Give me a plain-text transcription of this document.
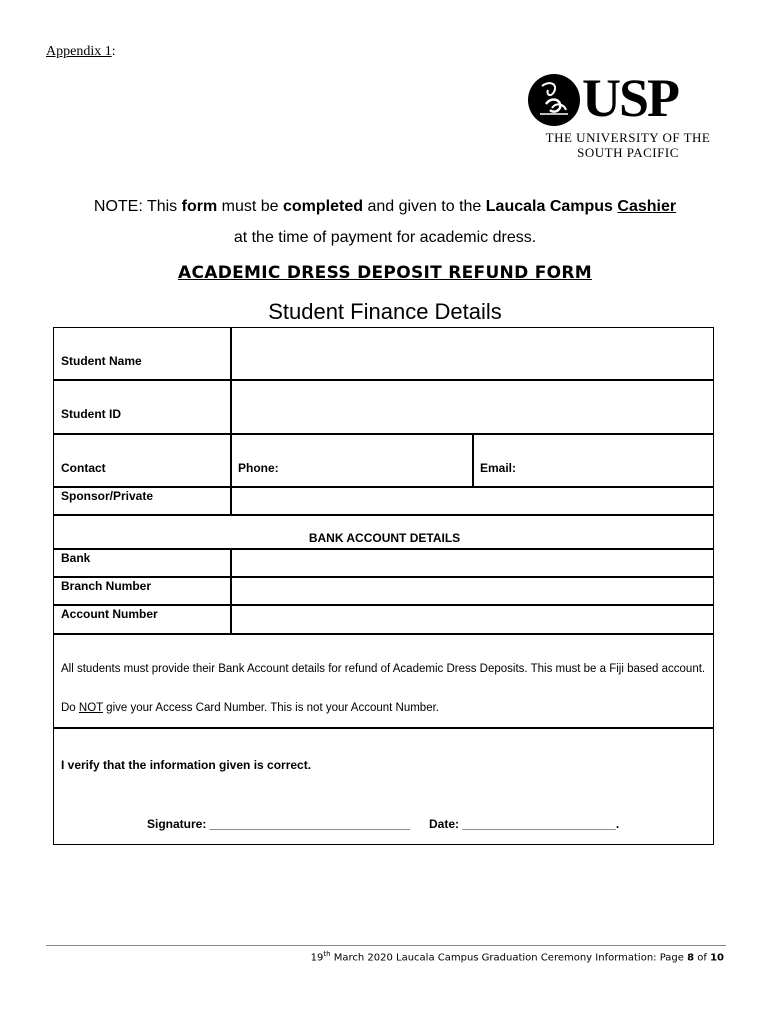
Appendix 1:
USP
THE UNIVERSITY OF THE
SOUTH PACIFIC
NOTE: This form must be completed and given to the Laucala Campus Cashier
at the time of payment for academic dress.
ACADEMIC DRESS DEPOSIT REFUND FORM
Student Finance Details
Student Name
Student ID
Contact	Phone:	Email:
Sponsor/Private
BANK ACCOUNT DETAILS
Bank
Branch Number
Account Number
All students must provide their Bank Account details for refund of Academic Dress Deposits. This must be a Fiji based account.
Do NOT give your Access Card Number. This is not your Account Number.
I verify that the information given is correct.
Signature: ______________________________ Date: _______________________.
19th March 2020 Laucala Campus Graduation Ceremony Information: Page 8 of 10
